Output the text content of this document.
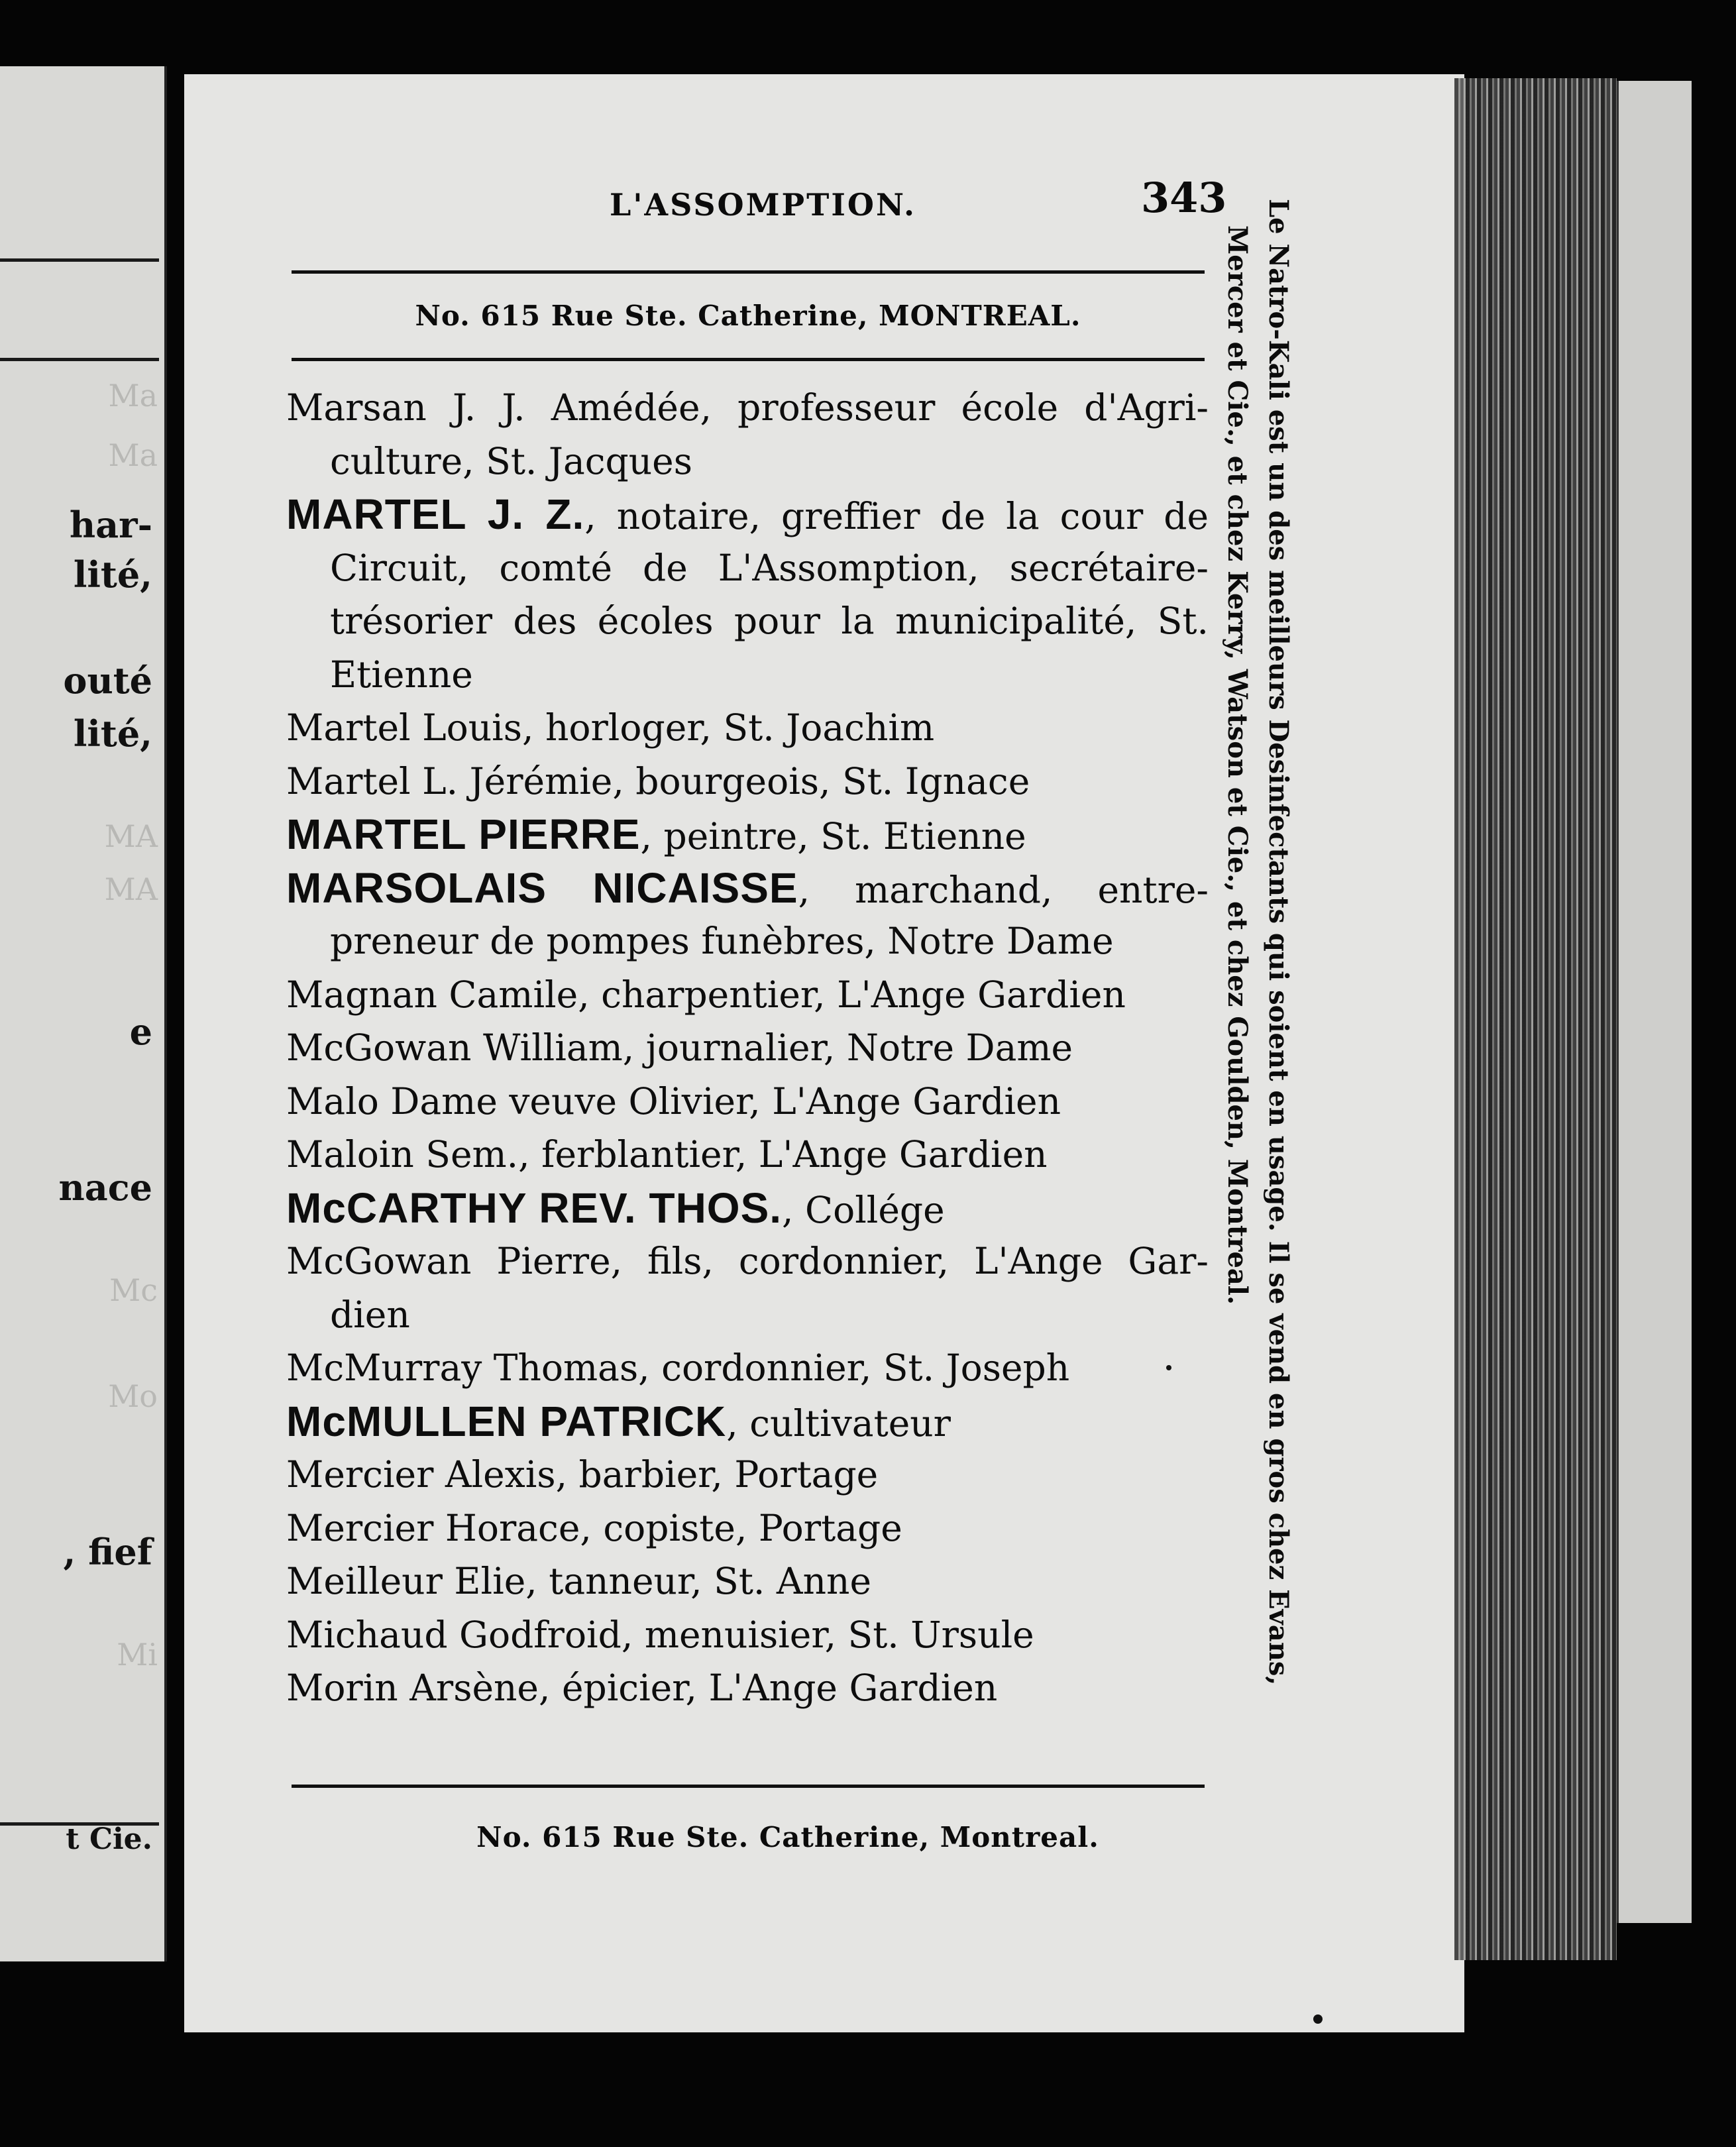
Ma
Ma
har-
lité,
outé
lité,
MA
MA
e
nace
Mc
Mo
, fief
Mi
t Cie.
L'ASSOMPTION.	343
No. 615 Rue Ste. Catherine, MONTREAL.
Marsan J. J. Amédée, professeur école d'Agri-
culture, St. Jacques
MARTEL J. Z., notaire, greffier de la cour de
Circuit, comté de L'Assomption, secrétaire-
trésorier des écoles pour la municipalité, St.
Etienne
Martel Louis, horloger, St. Joachim
Martel L. Jérémie, bourgeois, St. Ignace
MARTEL PIERRE, peintre, St. Etienne
MARSOLAIS NICAISSE, marchand, entre-
preneur de pompes funèbres, Notre Dame
Magnan Camile, charpentier, L'Ange Gardien
McGowan William, journalier, Notre Dame
Malo Dame veuve Olivier, L'Ange Gardien
Maloin Sem., ferblantier, L'Ange Gardien
McCARTHY REV. THOS., Collége
McGowan Pierre, fils, cordonnier, L'Ange Gar-
dien
McMurray Thomas, cordonnier, St. Joseph
McMULLEN PATRICK, cultivateur
Mercier Alexis, barbier, Portage
Mercier Horace, copiste, Portage
Meilleur Elie, tanneur, St. Anne
Michaud Godfroid, menuisier, St. Ursule
Morin Arsène, épicier, L'Ange Gardien
No. 615 Rue Ste. Catherine, Montreal.
Le Natro-Kali est un des meilleurs Desinfectants qui soient en usage. Il se vend en gros chez Evans,
Mercer et Cie., et chez Kerry, Watson et Cie., et chez Goulden, Montreal.
